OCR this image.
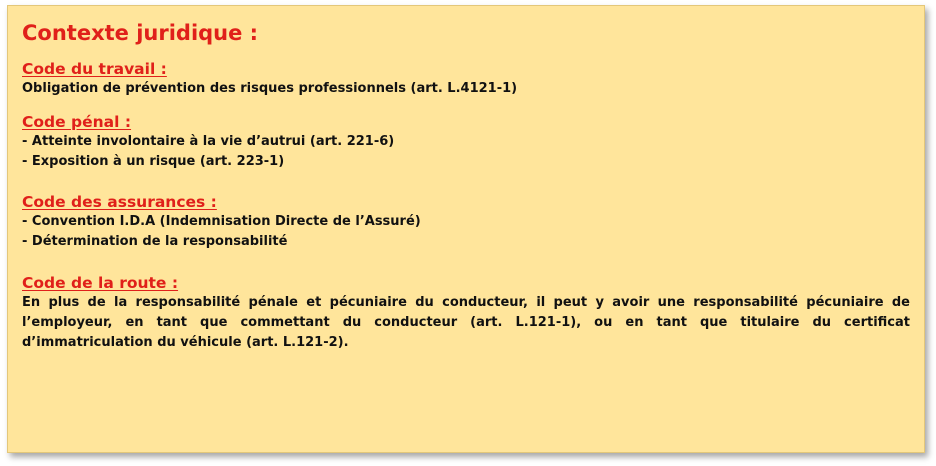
Contexte juridique :
Code du travail :
Obligation de prévention des risques professionnels (art. L.4121-1)
Code pénal :
- Atteinte involontaire à la vie d’autrui (art. 221-6)
- Exposition à un risque (art. 223-1)
Code des assurances :
- Convention I.D.A (Indemnisation Directe de l’Assuré)
- Détermination de la responsabilité
Code de la route :
En plus de la responsabilité pénale et pécuniaire du conducteur, il peut y avoir une responsabilité pécuniaire de l’employeur, en tant que commettant du conducteur (art. L.121-1), ou en tant que titulaire du certificat d’immatriculation du véhicule (art. L.121-2).
